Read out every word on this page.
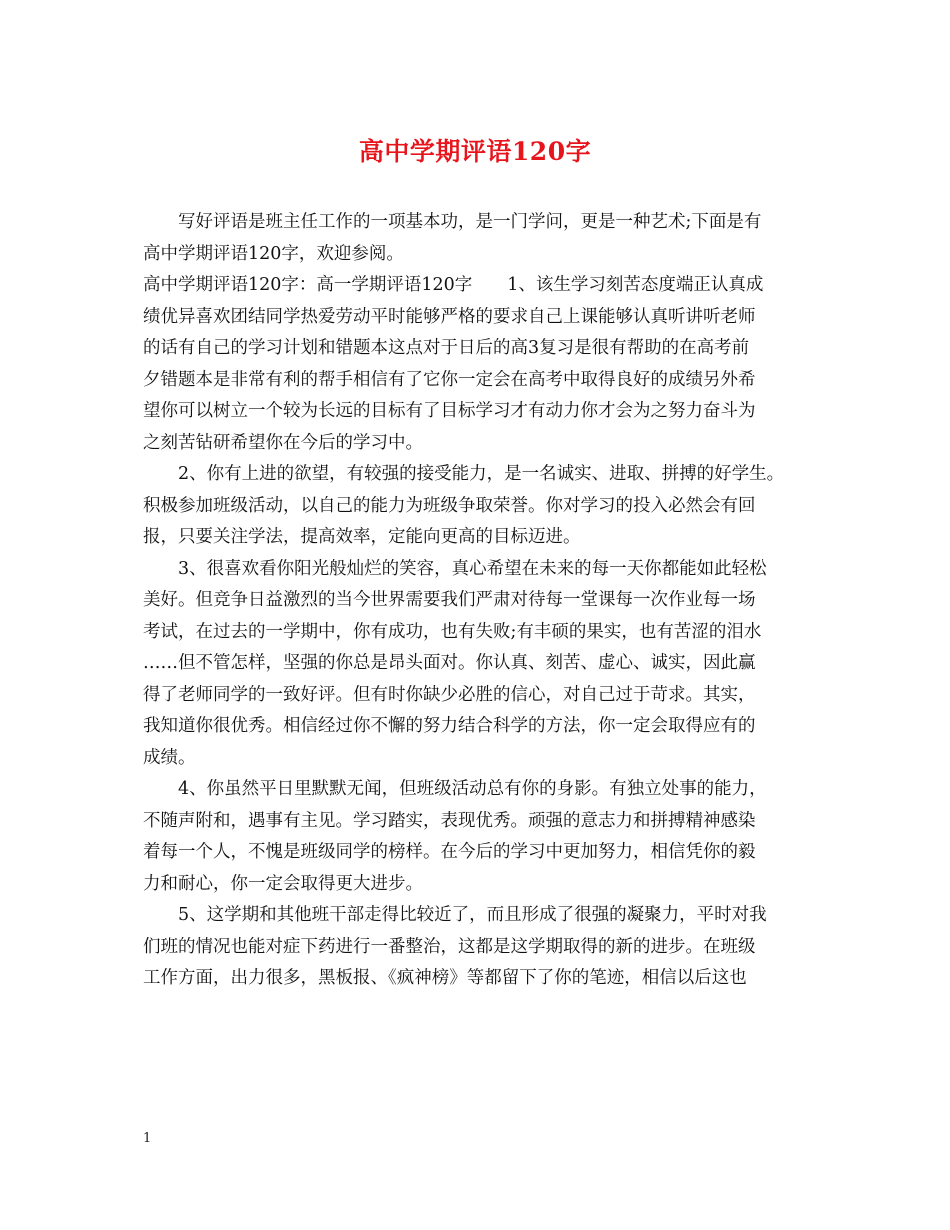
高中学期评语120字
　　写好评语是班主任工作的一项基本功，是一门学问，更是一种艺术;下面是有
高中学期评语120字，欢迎参阅。
高中学期评语120字：高一学期评语120字　　1、该生学习刻苦态度端正认真成
绩优异喜欢团结同学热爱劳动平时能够严格的要求自己上课能够认真听讲听老师
的话有自己的学习计划和错题本这点对于日后的高3复习是很有帮助的在高考前
夕错题本是非常有利的帮手相信有了它你一定会在高考中取得良好的成绩另外希
望你可以树立一个较为长远的目标有了目标学习才有动力你才会为之努力奋斗为
之刻苦钻研希望你在今后的学习中。
　　2、你有上进的欲望，有较强的接受能力，是一名诚实、进取、拼搏的好学生。
积极参加班级活动，以自己的能力为班级争取荣誉。你对学习的投入必然会有回
报，只要关注学法，提高效率，定能向更高的目标迈进。
　　3、很喜欢看你阳光般灿烂的笑容，真心希望在未来的每一天你都能如此轻松
美好。但竞争日益激烈的当今世界需要我们严肃对待每一堂课每一次作业每一场
考试，在过去的一学期中，你有成功，也有失败;有丰硕的果实，也有苦涩的泪水
……但不管怎样，坚强的你总是昂头面对。你认真、刻苦、虚心、诚实，因此赢
得了老师同学的一致好评。但有时你缺少必胜的信心，对自己过于苛求。其实，
我知道你很优秀。相信经过你不懈的努力结合科学的方法，你一定会取得应有的
成绩。
　　4、你虽然平日里默默无闻，但班级活动总有你的身影。有独立处事的能力，
不随声附和，遇事有主见。学习踏实，表现优秀。顽强的意志力和拼搏精神感染
着每一个人，不愧是班级同学的榜样。在今后的学习中更加努力，相信凭你的毅
力和耐心，你一定会取得更大进步。
　　5、这学期和其他班干部走得比较近了，而且形成了很强的凝聚力，平时对我
们班的情况也能对症下药进行一番整治，这都是这学期取得的新的进步。在班级
工作方面，出力很多，黑板报、《疯神榜》等都留下了你的笔迹，相信以后这也
1
